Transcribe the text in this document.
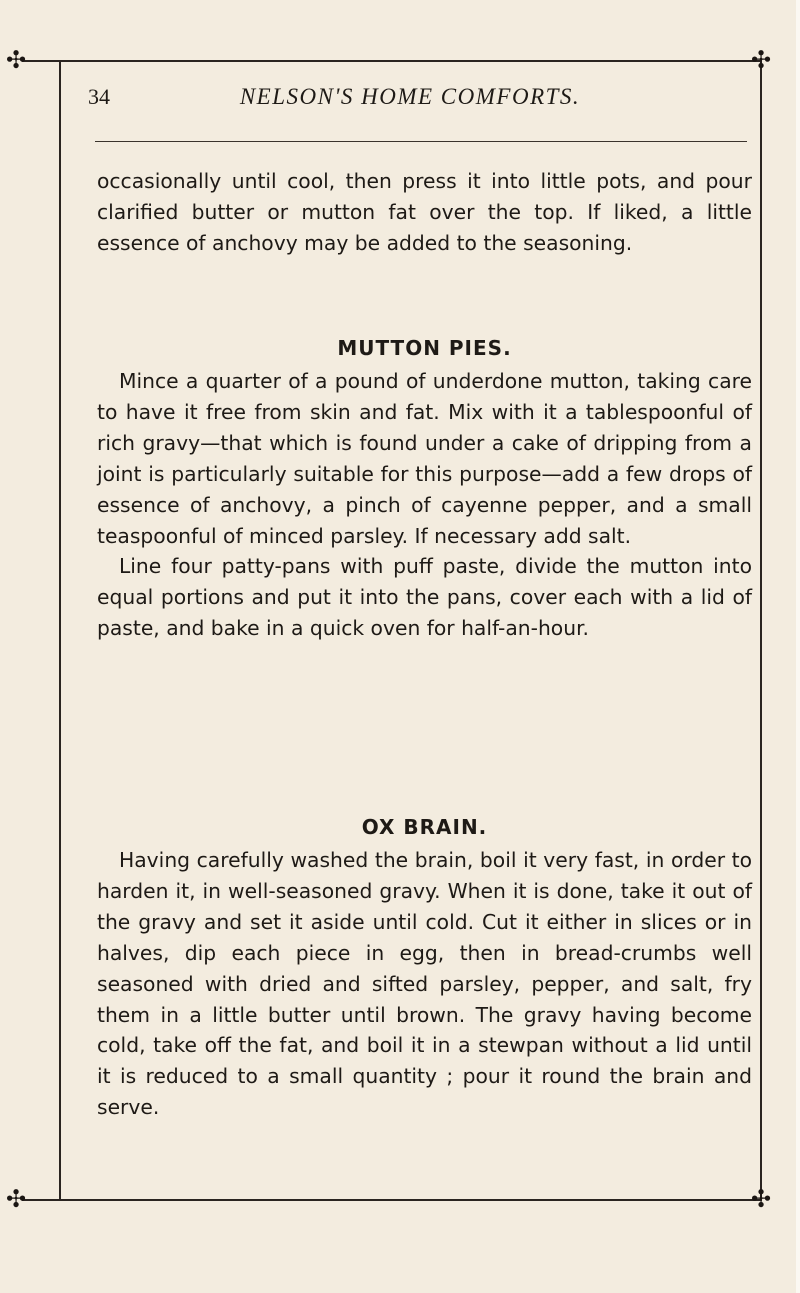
✣	✣
✣	✣
34	NELSON'S HOME COMFORTS.

occasionally until cool, then press it into little pots, and pour clarified butter or mutton fat over the top. If liked, a little essence of anchovy may be added to the seasoning.

MUTTON PIES.

Mince a quarter of a pound of underdone mutton, taking care to have it free from skin and fat. Mix with it a tablespoonful of rich gravy—that which is found under a cake of dripping from a joint is particularly suitable for this purpose—add a few drops of essence of anchovy, a pinch of cayenne pepper, and a small teaspoonful of minced parsley. If necessary add salt.

Line four patty-pans with puff paste, divide the mutton into equal portions and put it into the pans, cover each with a lid of paste, and bake in a quick oven for half-an-hour.

OX BRAIN.

Having carefully washed the brain, boil it very fast, in order to harden it, in well-seasoned gravy. When it is done, take it out of the gravy and set it aside until cold. Cut it either in slices or in halves, dip each piece in egg, then in bread-crumbs well seasoned with dried and sifted parsley, pepper, and salt, fry them in a little butter until brown. The gravy having become cold, take off the fat, and boil it in a stewpan without a lid until it is reduced to a small quantity ; pour it round the brain and serve.
